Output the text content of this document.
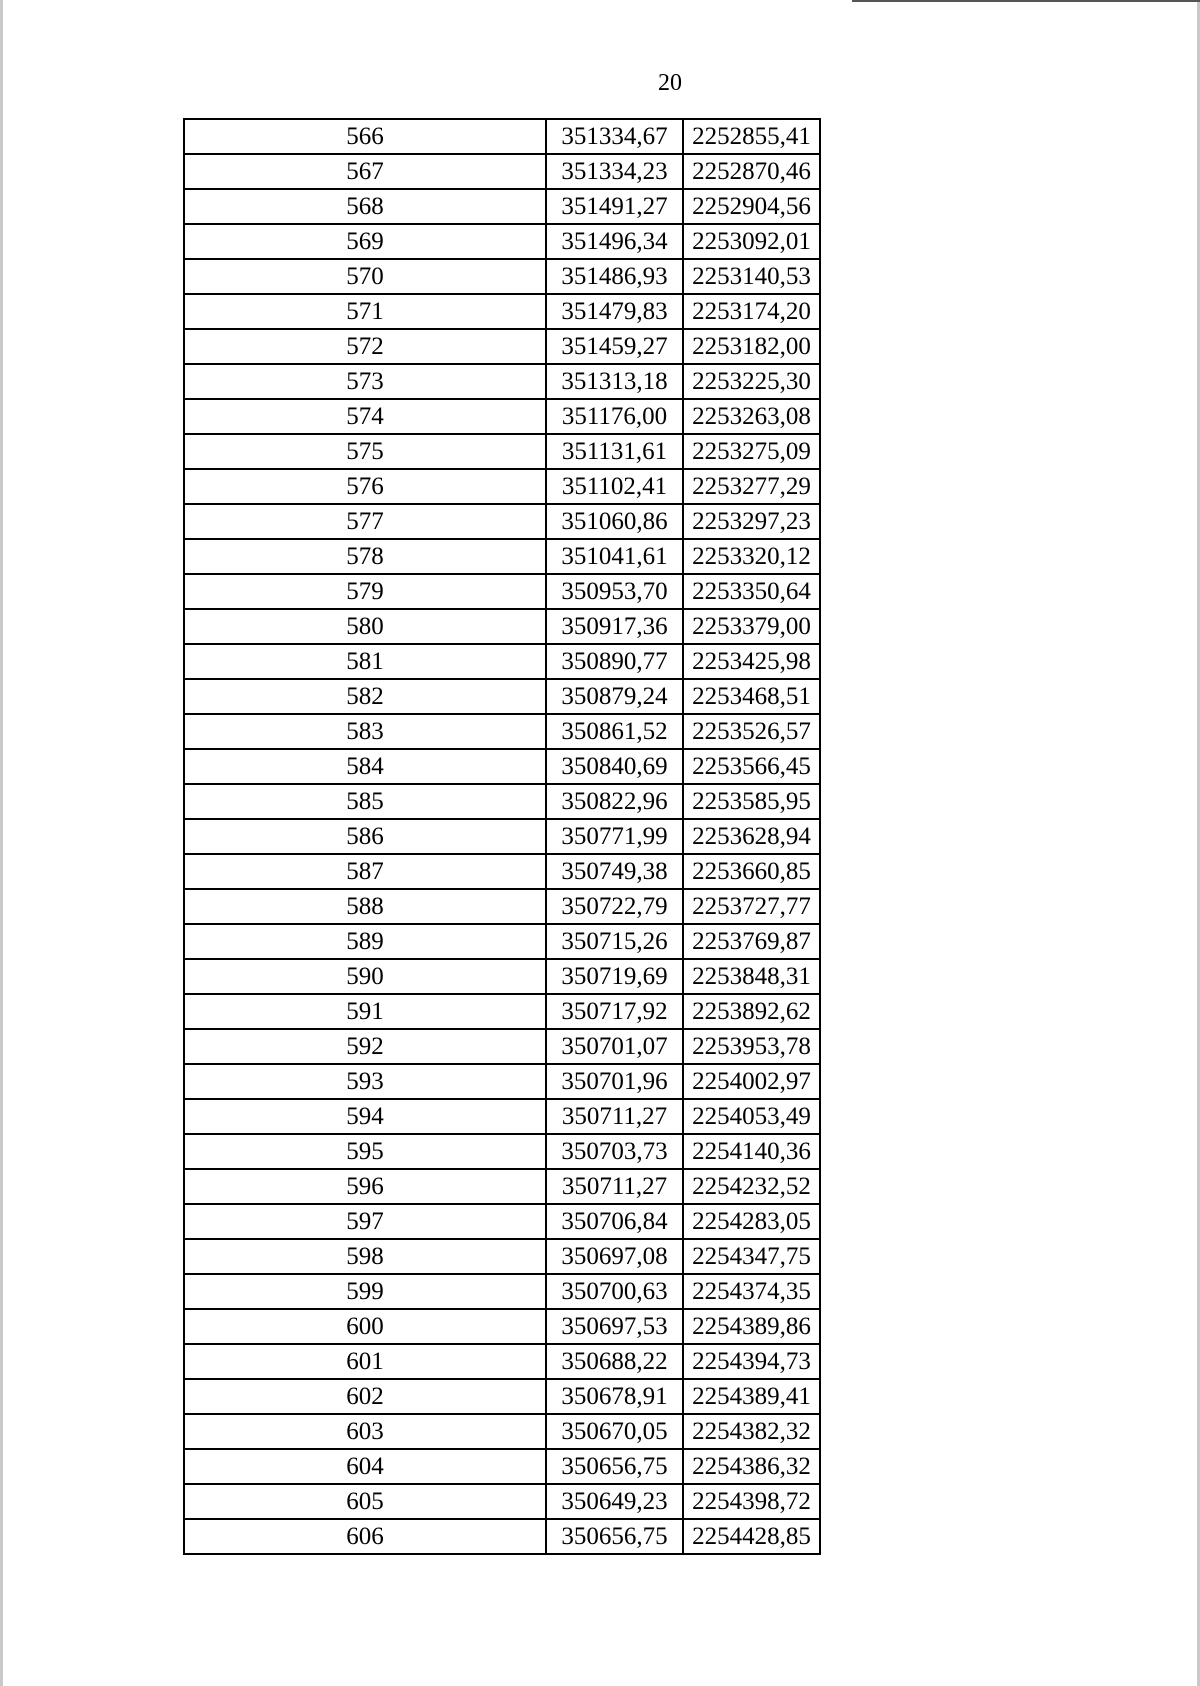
20
566	351334,67	2252855,41
567	351334,23	2252870,46
568	351491,27	2252904,56
569	351496,34	2253092,01
570	351486,93	2253140,53
571	351479,83	2253174,20
572	351459,27	2253182,00
573	351313,18	2253225,30
574	351176,00	2253263,08
575	351131,61	2253275,09
576	351102,41	2253277,29
577	351060,86	2253297,23
578	351041,61	2253320,12
579	350953,70	2253350,64
580	350917,36	2253379,00
581	350890,77	2253425,98
582	350879,24	2253468,51
583	350861,52	2253526,57
584	350840,69	2253566,45
585	350822,96	2253585,95
586	350771,99	2253628,94
587	350749,38	2253660,85
588	350722,79	2253727,77
589	350715,26	2253769,87
590	350719,69	2253848,31
591	350717,92	2253892,62
592	350701,07	2253953,78
593	350701,96	2254002,97
594	350711,27	2254053,49
595	350703,73	2254140,36
596	350711,27	2254232,52
597	350706,84	2254283,05
598	350697,08	2254347,75
599	350700,63	2254374,35
600	350697,53	2254389,86
601	350688,22	2254394,73
602	350678,91	2254389,41
603	350670,05	2254382,32
604	350656,75	2254386,32
605	350649,23	2254398,72
606	350656,75	2254428,85
